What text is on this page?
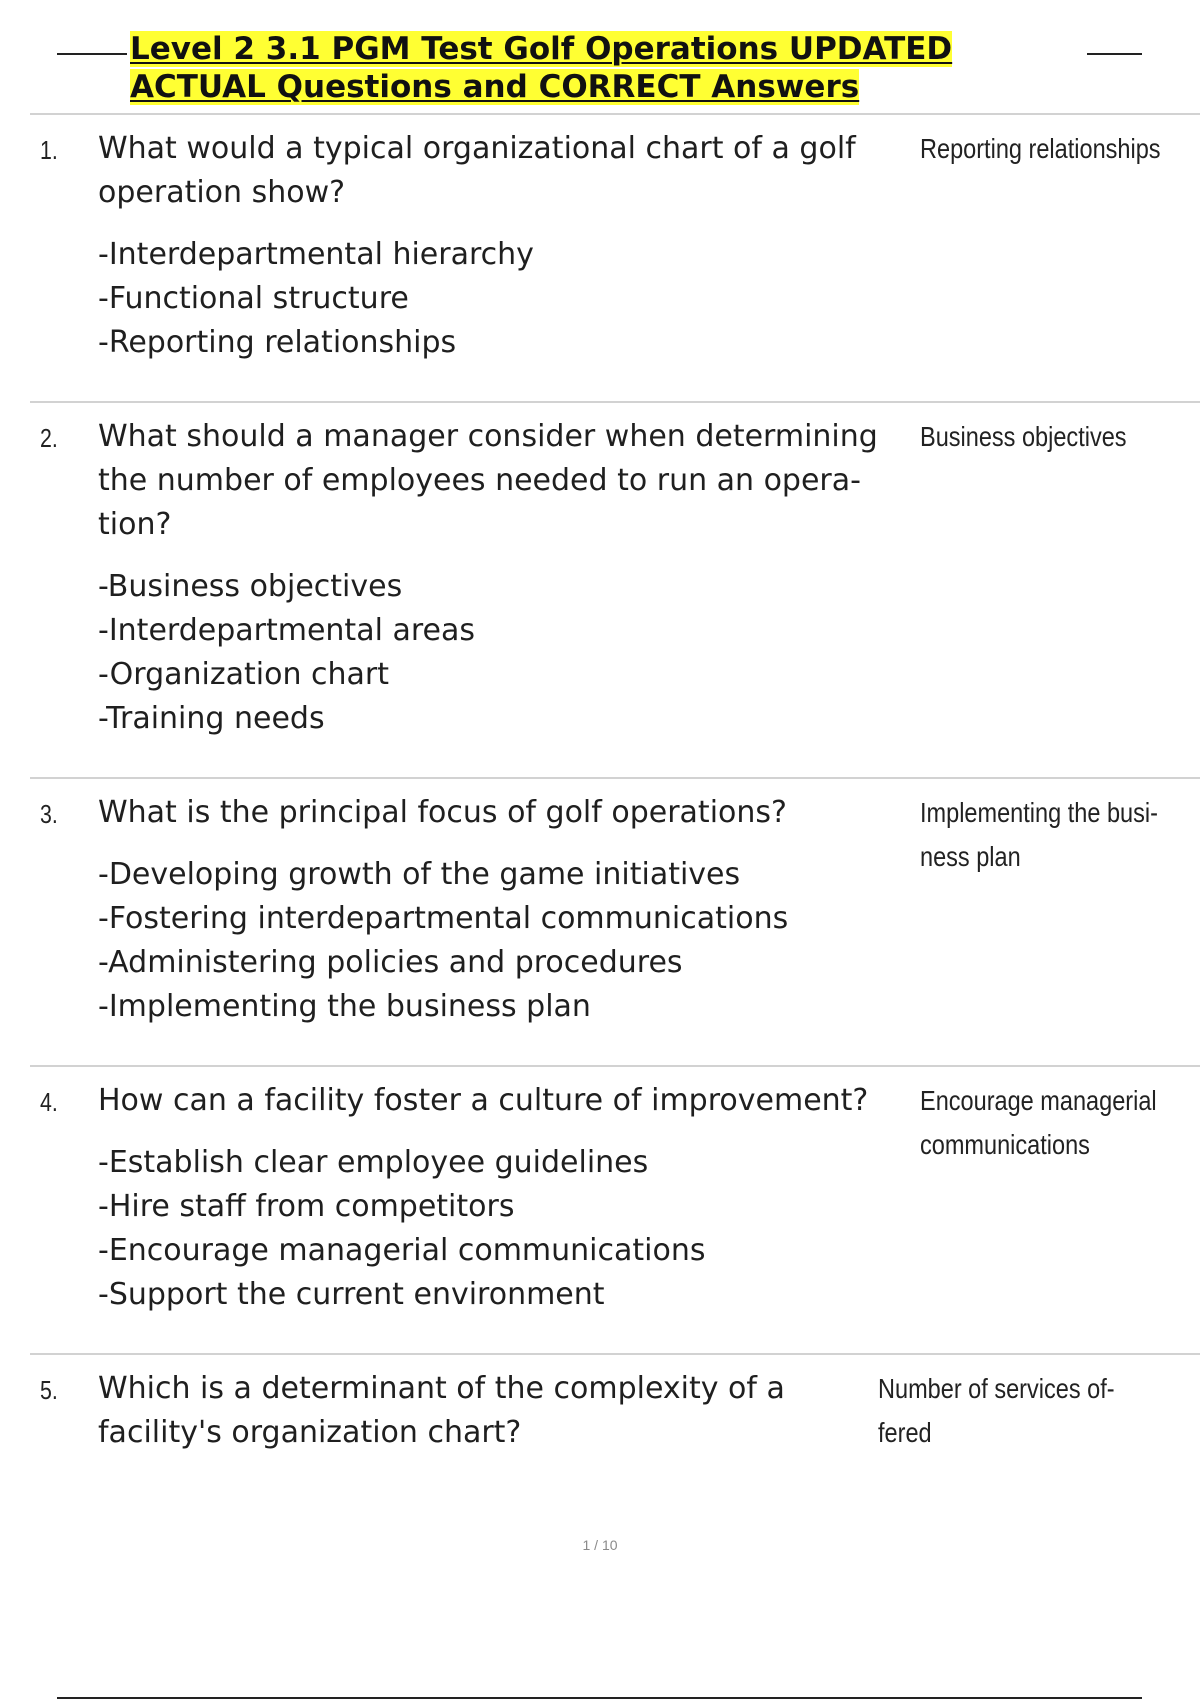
Level 2 3.1 PGM Test Golf Operations UPDATED ACTUAL Questions and CORRECT Answers
1. What would a typical organizational chart of a golf operation show?
-Interdepartmental hierarchy
-Functional structure
-Reporting relationships
Reporting relationships
2. What should a manager consider when determining the number of employees needed to run an opera- tion?
-Business objectives
-Interdepartmental areas
-Organization chart
-Training needs
Business objectives
3. What is the principal focus of golf operations?
-Developing growth of the game initiatives
-Fostering interdepartmental communications
-Administering policies and procedures
-Implementing the business plan
Implementing the busi- ness plan
4. How can a facility foster a culture of improvement?
-Establish clear employee guidelines
-Hire staff from competitors
-Encourage managerial communications
-Support the current environment
Encourage managerial communications
5. Which is a determinant of the complexity of a facility's organization chart?
Number of services of- fered
1 / 10
